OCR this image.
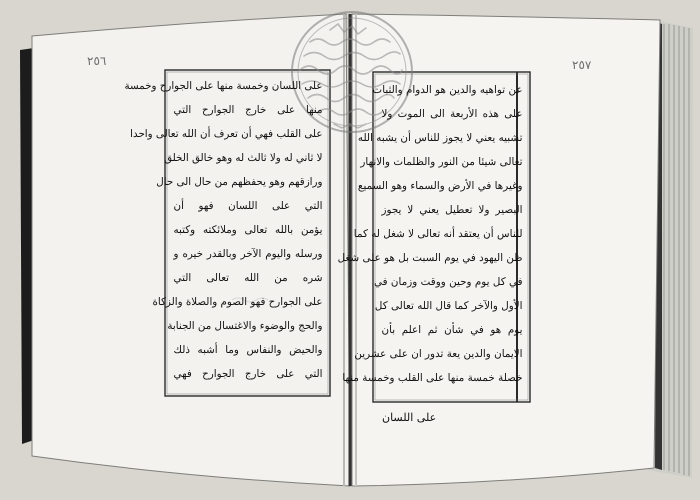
٢٥٦	٢٥٧
على اللسان وخمسة منها على الجوارح وخمسة
منها على خارج الجوارح التي
على القلب فهي أن تعرف أن الله تعالى واحدا
لا ثاني له ولا ثالث له وهو خالق الخلق
ورازقهم وهو يحفظهم من حال الى حال
التي على اللسان فهو أن
يؤمن بالله تعالى وملائكته وكتبه
ورسله واليوم الآخر وبالقدر خيره و
شره من الله تعالى التي
على الجوارح فهو الصوم والصلاة والزكاة
والحج والوضوء والاغتسال من الجنابة
والحيض والنفاس وما أشبه ذلك
التي على خارج الجوارح فهي
عن تواهيه والدين هو الدوام والثبات
على هذه الأربعة الى الموت ولا
تشبيه يعني لا يجوز للناس أن يشبه الله
تعالى شيئا من النور والظلمات والانهار
وغيرها في الأرض والسماء وهو السميع
البصير ولا تعطيل يعني لا يجوز
للناس أن يعتقد أنه تعالى لا شغل له كما
ظن اليهود في يوم السبت بل هو على شغل
في كل يوم وحين ووقت وزمان في
الأول والآخر كما قال الله تعالى كل
يوم هو في شأن ثم اعلم بأن
الايمان والدين يعة تدور ان على عشرين
خصلة خمسة منها على القلب وخمسة منها
على اللسان
